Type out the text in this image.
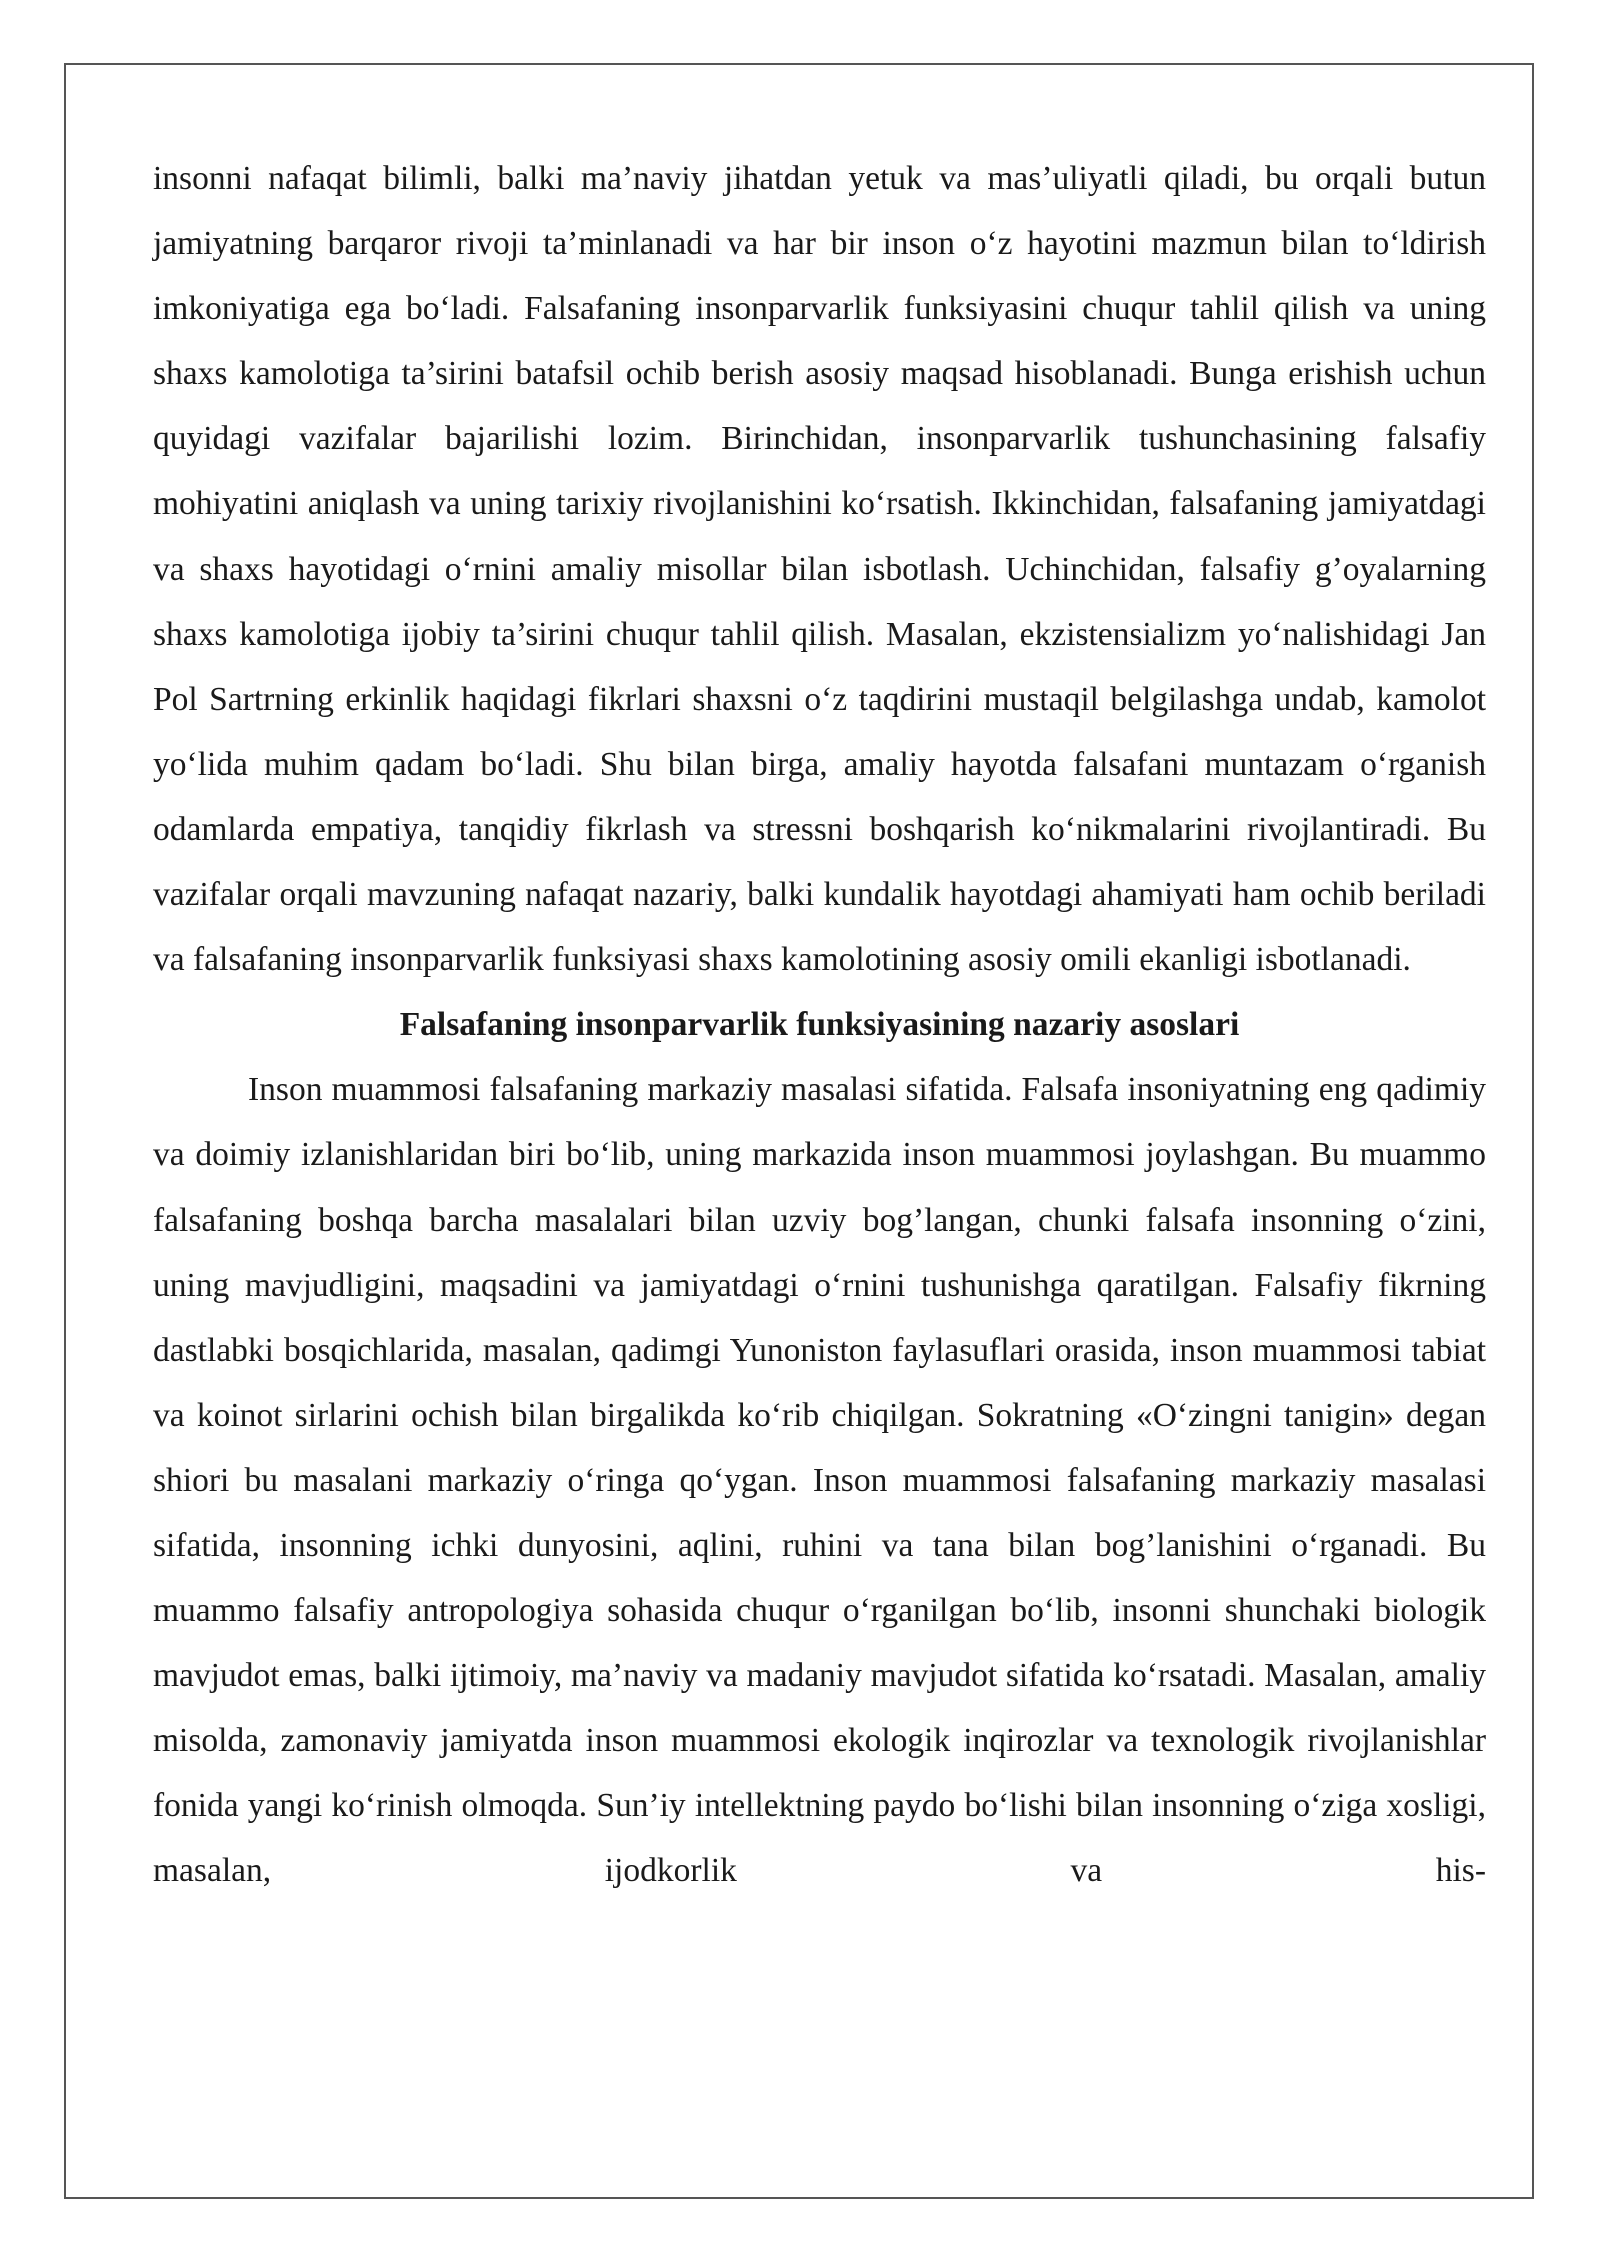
insonni nafaqat bilimli, balki ma’naviy jihatdan yetuk va mas’uliyatli qiladi, bu orqali butun jamiyatning barqaror rivoji ta’minlanadi va har bir inson o‘z hayotini mazmun bilan to‘ldirish imkoniyatiga ega bo‘ladi. Falsafaning insonparvarlik funksiyasini chuqur tahlil qilish va uning shaxs kamolotiga ta’sirini batafsil ochib berish asosiy maqsad hisoblanadi. Bunga erishish uchun quyidagi vazifalar bajarilishi lozim. Birinchidan, insonparvarlik tushunchasining falsafiy mohiyatini aniqlash va uning tarixiy rivojlanishini ko‘rsatish. Ikkinchidan, falsafaning jamiyatdagi va shaxs hayotidagi o‘rnini amaliy misollar bilan isbotlash. Uchinchidan, falsafiy g’oyalarning shaxs kamolotiga ijobiy ta’sirini chuqur tahlil qilish. Masalan, ekzistensializm yo‘nalishidagi Jan Pol Sartrning erkinlik haqidagi fikrlari shaxsni o‘z taqdirini mustaqil belgilashga undab, kamolot yo‘lida muhim qadam bo‘ladi. Shu bilan birga, amaliy hayotda falsafani muntazam o‘rganish odamlarda empatiya, tanqidiy fikrlash va stressni boshqarish ko‘nikmalarini rivojlantiradi. Bu vazifalar orqali mavzuning nafaqat nazariy, balki kundalik hayotdagi ahamiyati ham ochib beriladi va falsafaning insonparvarlik funksiyasi shaxs kamolotining asosiy omili ekanligi isbotlanadi.

Falsafaning insonparvarlik funksiyasining nazariy asoslari

Inson muammosi falsafaning markaziy masalasi sifatida. Falsafa insoniyatning eng qadimiy va doimiy izlanishlaridan biri bo‘lib, uning markazida inson muammosi joylashgan. Bu muammo falsafaning boshqa barcha masalalari bilan uzviy bog’langan, chunki falsafa insonning o‘zini, uning mavjudligini, maqsadini va jamiyatdagi o‘rnini tushunishga qaratilgan. Falsafiy fikrning dastlabki bosqichlarida, masalan, qadimgi Yunoniston faylasuflari orasida, inson muammosi tabiat va koinot sirlarini ochish bilan birgalikda ko‘rib chiqilgan. Sokratning «O‘zingni tanigin» degan shiori bu masalani markaziy o‘ringa qo‘ygan. Inson muammosi falsafaning markaziy masalasi sifatida, insonning ichki dunyosini, aqlini, ruhini va tana bilan bog’lanishini o‘rganadi. Bu muammo falsafiy antropologiya sohasida chuqur o‘rganilgan bo‘lib, insonni shunchaki biologik mavjudot emas, balki ijtimoiy, ma’naviy va madaniy mavjudot sifatida ko‘rsatadi. Masalan, amaliy misolda, zamonaviy jamiyatda inson muammosi ekologik inqirozlar va texnologik rivojlanishlar fonida yangi ko‘rinish olmoqda. Sun’iy intellektning paydo bo‘lishi bilan insonning o‘ziga xosligi, masalan, ijodkorlik va his-
